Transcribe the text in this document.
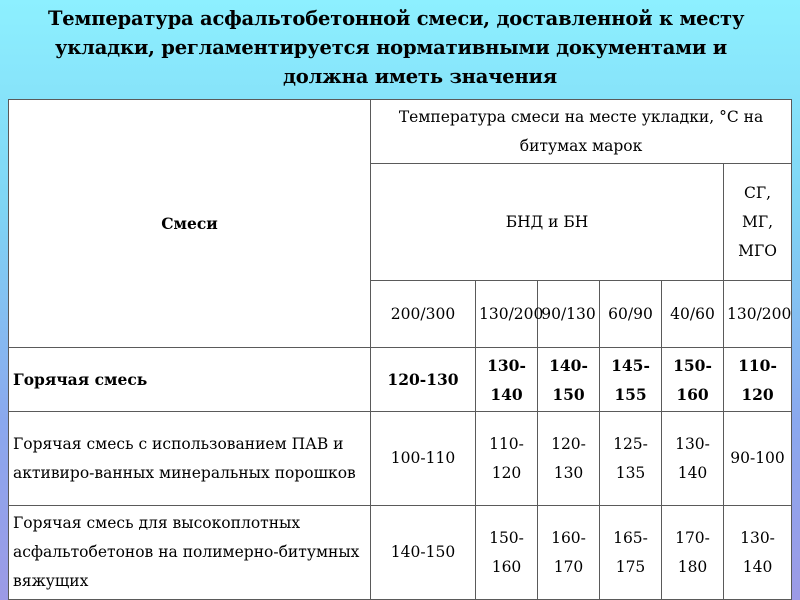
Температура асфальтобетонной смеси, доставленной к месту
укладки, регламентируется нормативными документами и
должна иметь значения
Смеси	Температура смеси на месте укладки, °С на битумах марок					
	БНД и БН					СГ, МГ, МГО
	200/300	130/200	90/130	60/90	40/60	130/200
Горячая смесь	120-130	130-140	140-150	145-155	150-160	110-120
Горячая смесь с использованием ПАВ и активиро-ванных минеральных порошков	100-110	110-120	120-130	125-135	130-140	90-100
Горячая смесь для высокоплотных асфальтобетонов на полимерно-битумных вяжущих	140-150	150-160	160-170	165-175	170-180	130-140
